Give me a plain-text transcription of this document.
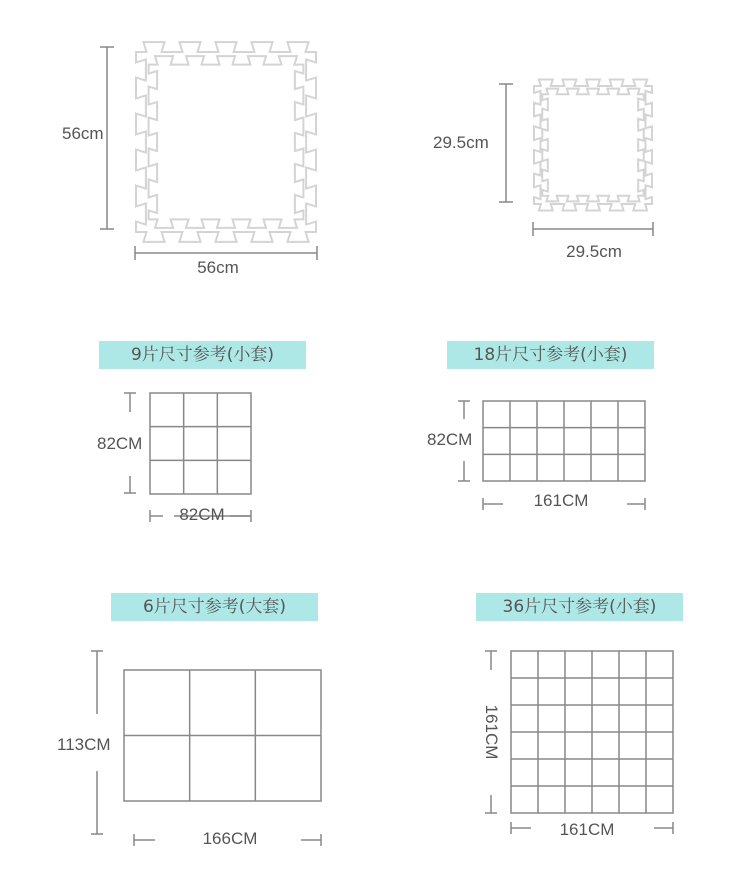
56cm
56cm
29.5cm
29.5cm
9片尺寸参考(小套)
82CM
82CM
18片尺寸参考(小套)
82CM
161CM
6片尺寸参考(大套)
113CM
166CM
36片尺寸参考(小套)
161CM
161CM
